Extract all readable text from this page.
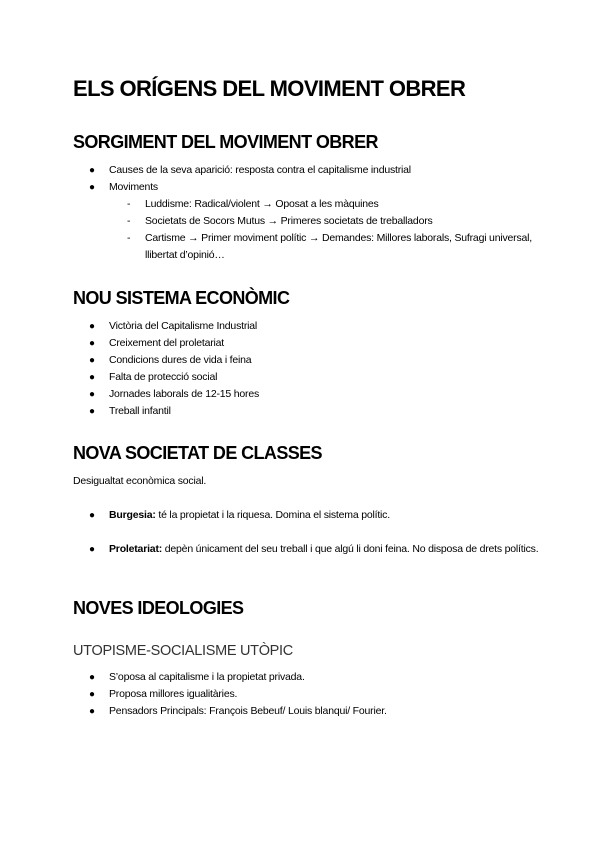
ELS ORÍGENS DEL MOVIMENT OBRER
SORGIMENT DEL MOVIMENT OBRER
● Causes de la seva aparició: resposta contra el capitalisme industrial
● Moviments
- Luddisme: Radical/violent → Oposat a les màquines
- Societats de Socors Mutus → Primeres societats de treballadors
- Cartisme → Primer moviment polític → Demandes: Millores laborals, Sufragi universal, llibertat d’opinió…
NOU SISTEMA ECONÒMIC
● Victòria del Capitalisme Industrial
● Creixement del proletariat
● Condicions dures de vida i feina
● Falta de protecció social
● Jornades laborals de 12-15 hores
● Treball infantil
NOVA SOCIETAT DE CLASSES

Desigualtat econòmica social.

● Burgesia: té la propietat i la riquesa. Domina el sistema polític.
● Proletariat: depèn únicament del seu treball i que algú li doni feina. No disposa de drets polítics.
NOVES IDEOLOGIES
UTOPISME-SOCIALISME UTÒPIC
● S’oposa al capitalisme i la propietat privada.
● Proposa millores igualitàries.
● Pensadors Principals: François Bebeuf/ Louis blanqui/ Fourier.
